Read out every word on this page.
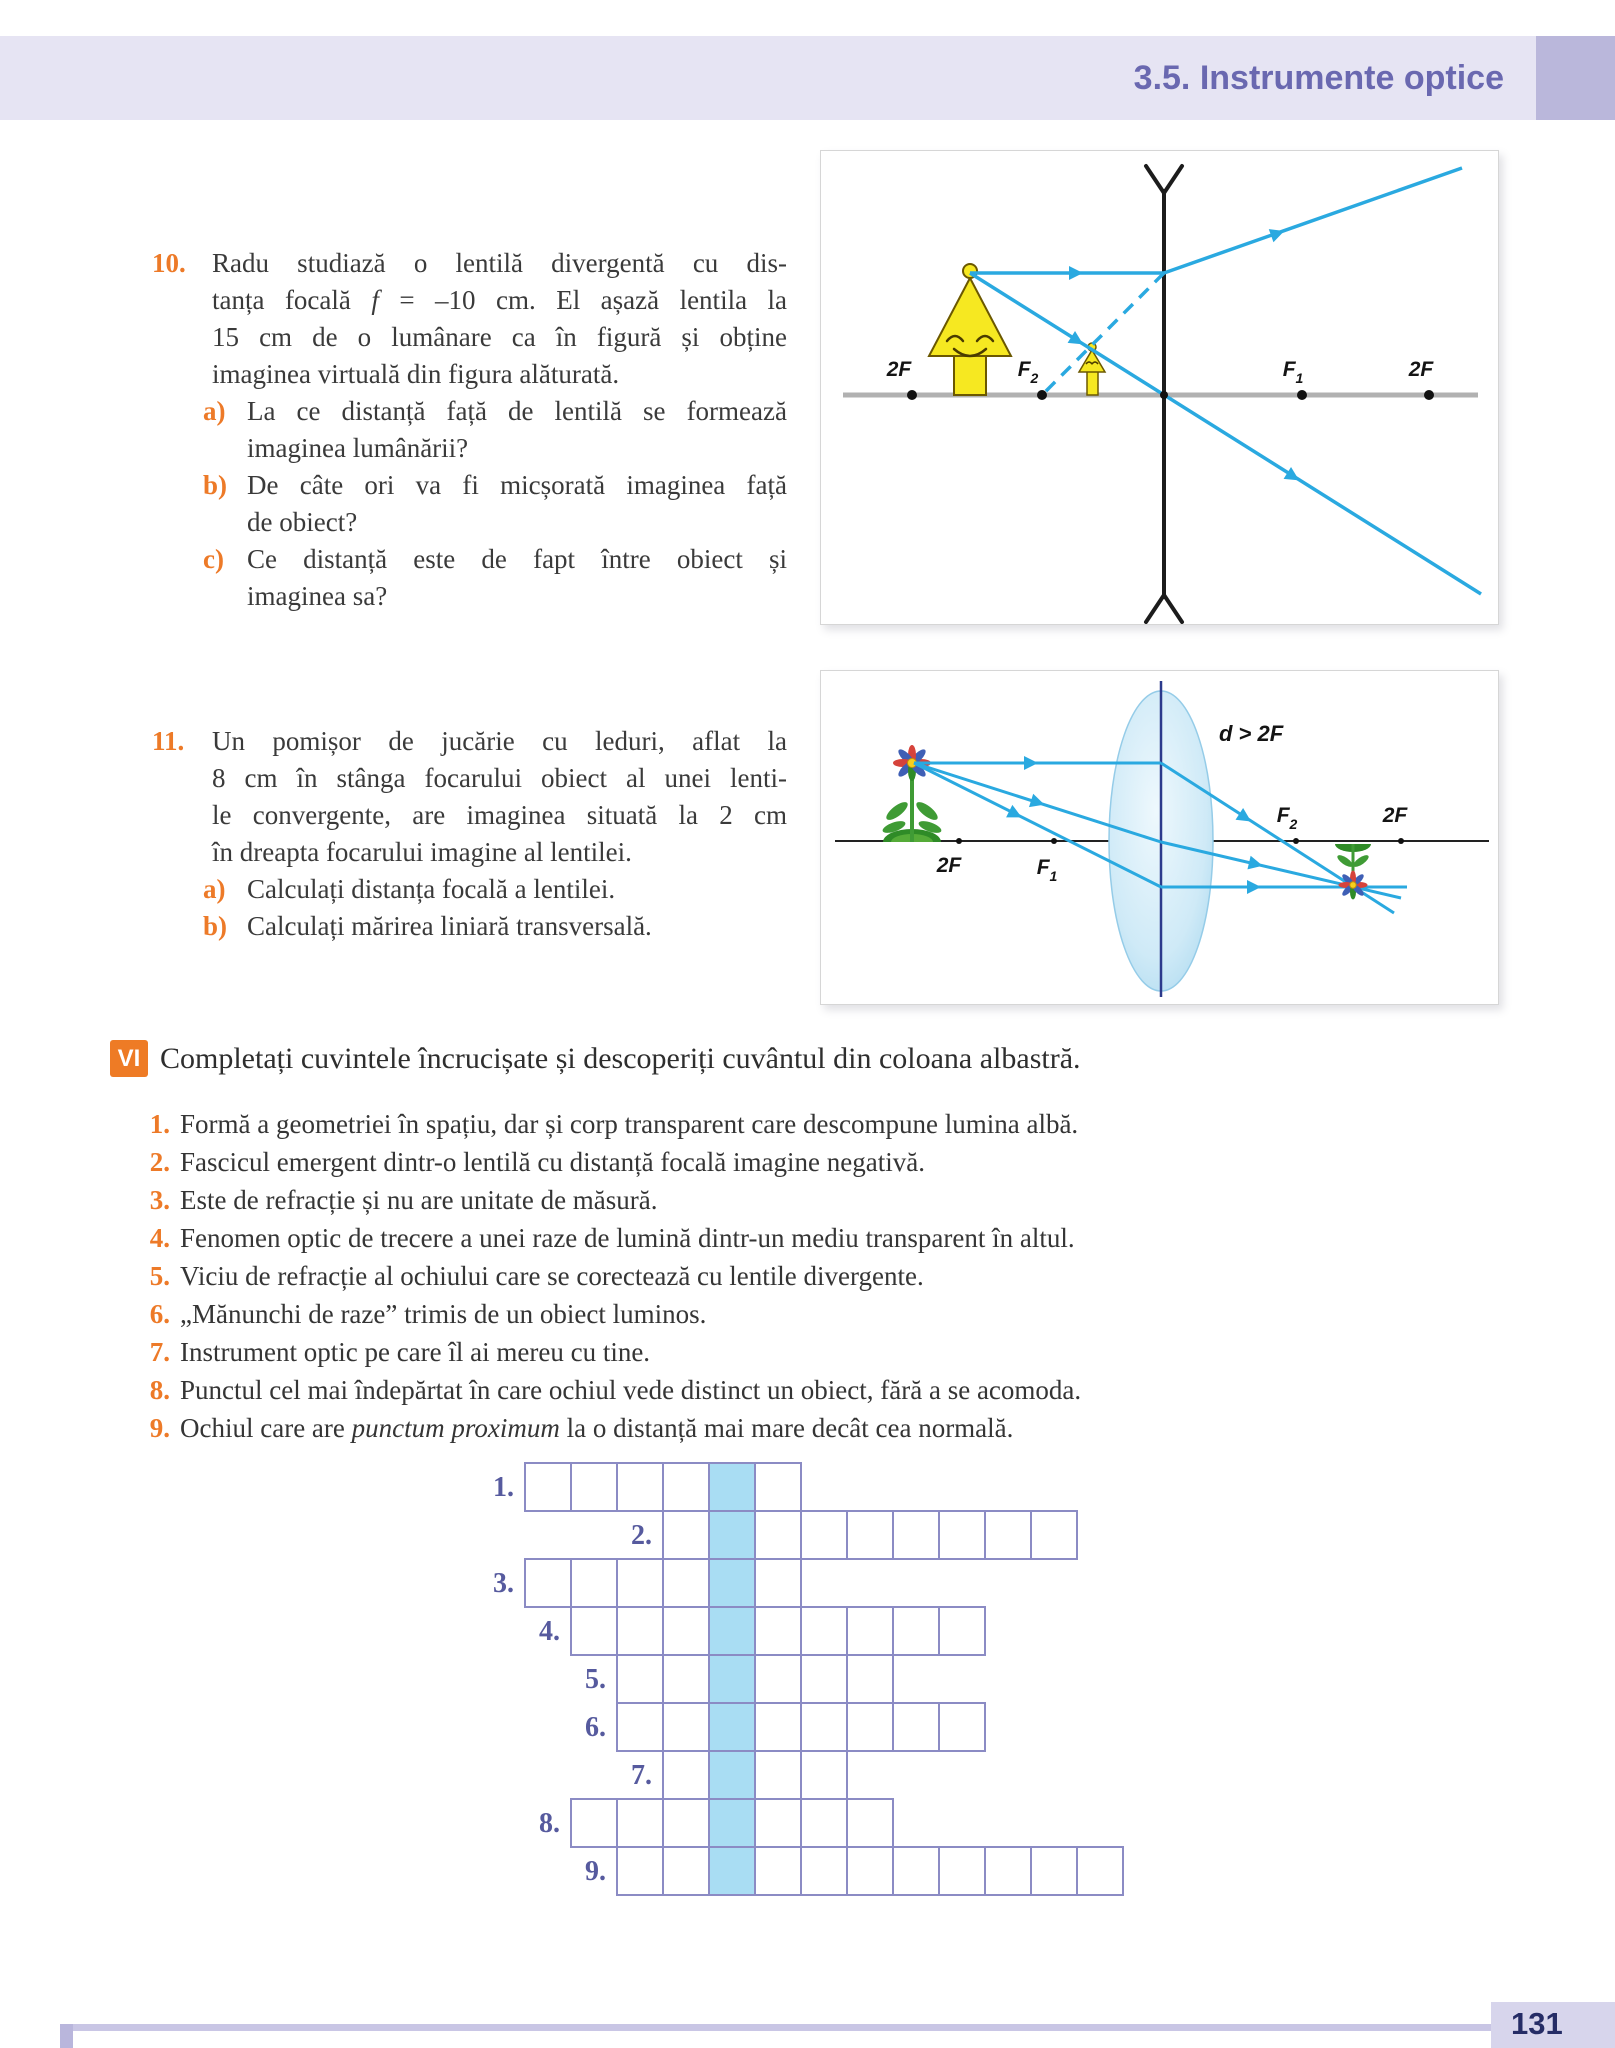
3.5. Instrumente optice
10. Radu studiază o lentilă divergentă cu dis-
tanța focală f = –10 cm. El așază lentila la
15 cm de o lumânare ca în figură și obține
imaginea virtuală din figura alăturată.
a) La ce distanță față de lentilă se formează
imaginea lumânării?
b) De câte ori va fi micșorată imaginea față
de obiect?
c) Ce distanță este de fapt între obiect și
imaginea sa?
2F	$F_2$	$F_1$	2F
11.	Un pomișor de jucărie cu leduri, aflat la
8 cm în stânga focarului obiect al unei lenti-
le convergente, are imaginea situată la 2 cm
în dreapta focarului imagine al lentilei.
a) Calculați distanța focală a lentilei.
b) Calculați mărirea liniară transversală.
d > 2F
2F	$F_1$
$F_2$	2F
VI Completați cuvintele încrucișate și descoperiți cuvântul din coloana albastră.
1. Formă a geometriei în spațiu, dar și corp transparent care descompune lumina albă.
2. Fascicul emergent dintr-o lentilă cu distanță focală imagine negativă.
3. Este de refracție și nu are unitate de măsură.
4. Fenomen optic de trecere a unei raze de lumină dintr-un mediu transparent în altul.
5. Viciu de refracție al ochiului care se corectează cu lentile divergente.
6. „Mănunchi de raze” trimis de un obiect luminos.
7. Instrument optic pe care îl ai mereu cu tine.
8. Punctul cel mai îndepărtat în care ochiul vede distinct un obiect, fără a se acomoda.
9. Ochiul care are punctum proximum la o distanță mai mare decât cea normală.
1.
2.
3.
4.
5.
6.
7.
8.
9.
131
